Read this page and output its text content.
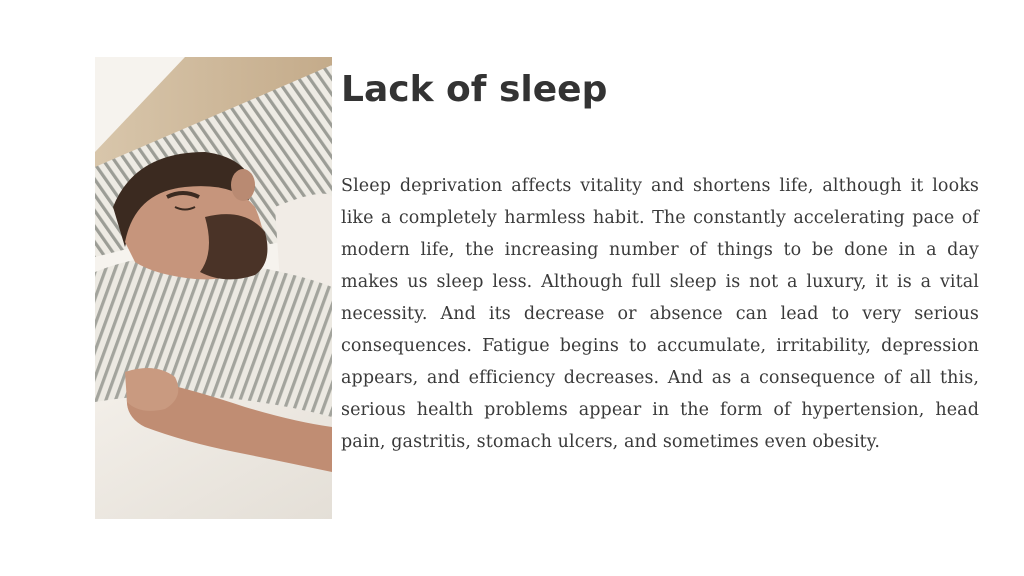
Lack of sleep

Sleep deprivation affects vitality and shortens life, although it looks like a completely harmless habit. The constantly accelerating pace of modern life, the increasing number of things to be done in a day makes us sleep less. Although full sleep is not a luxury, it is a vital necessity. And its decrease or absence can lead to very serious consequences. Fatigue begins to accumulate, irritability, depression appears, and efficiency decreases. And as a consequence of all this, serious health problems appear in the form of hypertension, head pain, gastritis, stomach ulcers, and sometimes even obesity.
